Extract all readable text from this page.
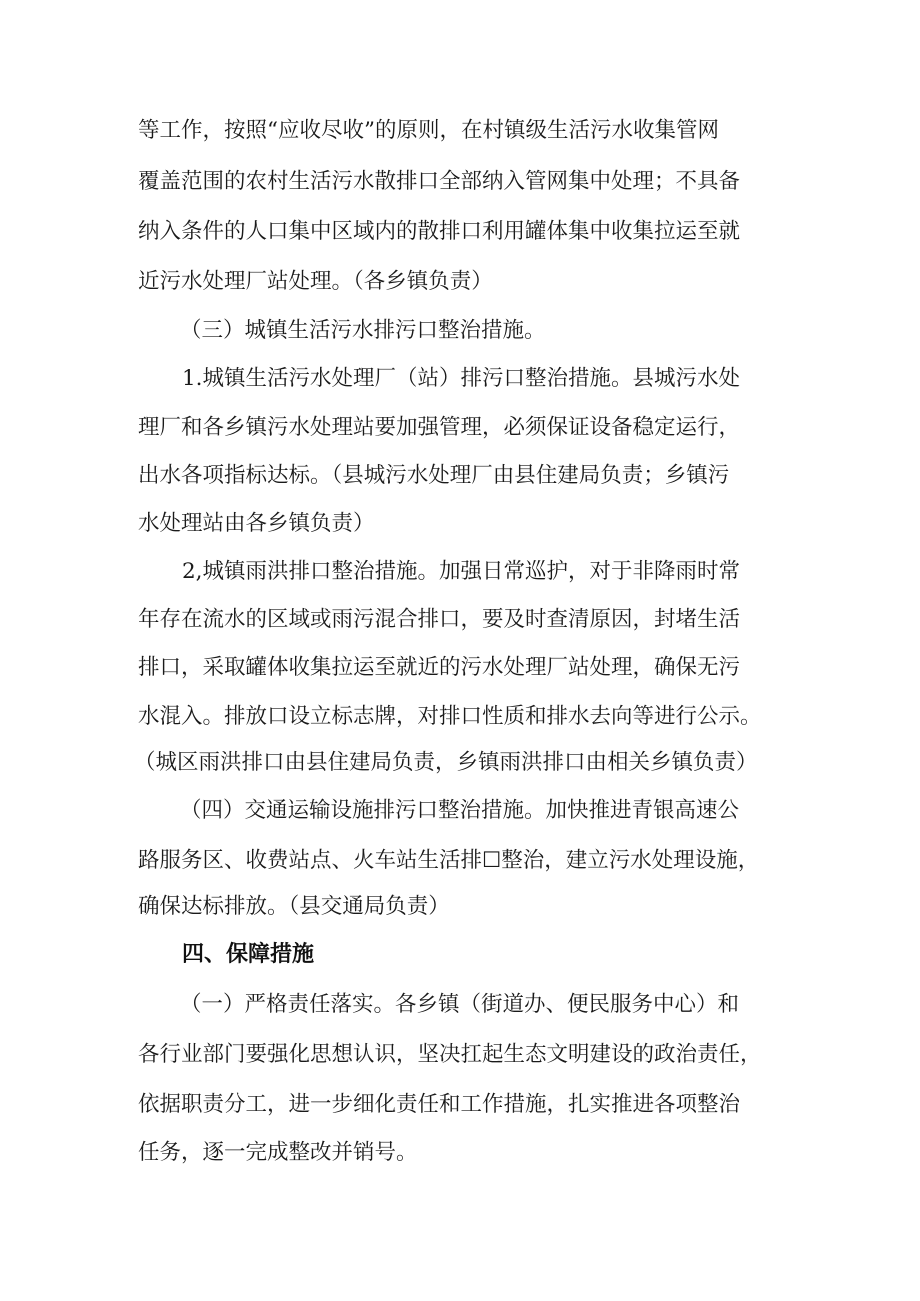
等工作，按照“应收尽收”的原则，在村镇级生活污水收集管网
覆盖范围的农村生活污水散排口全部纳入管网集中处理；不具备
纳入条件的人口集中区域内的散排口利用罐体集中收集拉运至就
近污水处理厂站处理。（各乡镇负责）
（三）城镇生活污水排污口整治措施。
1.城镇生活污水处理厂（站）排污口整治措施。县城污水处
理厂和各乡镇污水处理站要加强管理，必须保证设备稳定运行，
出水各项指标达标。（县城污水处理厂由县住建局负责；乡镇污
水处理站由各乡镇负责）
2,城镇雨洪排口整治措施。加强日常巡护，对于非降雨时常
年存在流水的区域或雨污混合排口，要及时查清原因，封堵生活
排口，采取罐体收集拉运至就近的污水处理厂站处理，确保无污
水混入。排放口设立标志牌，对排口性质和排水去向等进行公示。
（城区雨洪排口由县住建局负责，乡镇雨洪排口由相关乡镇负责）
（四）交通运输设施排污口整治措施。加快推进青银高速公
路服务区、收费站点、火车站生活排☐整治，建立污水处理设施，
确保达标排放。（县交通局负责）
四、保障措施
（一）严格责任落实。各乡镇（街道办、便民服务中心）和
各行业部门要强化思想认识，坚决扛起生态文明建设的政治责任，
依据职责分工，进一步细化责任和工作措施，扎实推进各项整治
任务，逐一完成整改并销号。
